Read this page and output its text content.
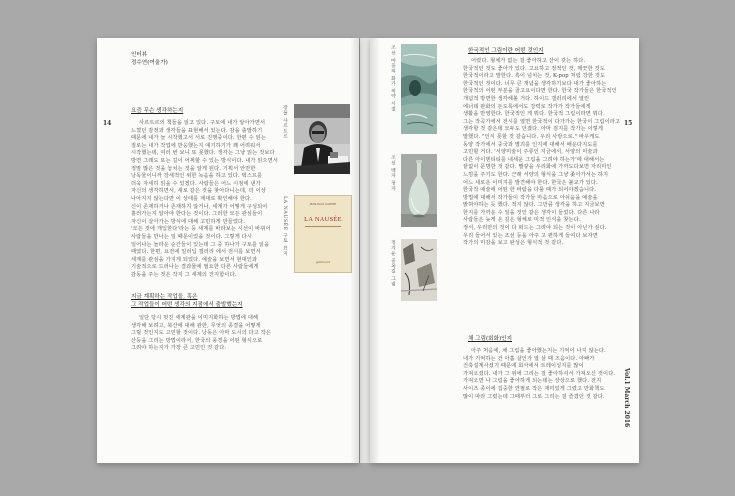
인터뷰
정수연(여울가)
14
요즘 무슨 생각하는지
사르트르의 책들을 읽고 있다. 구토에 내가 알아가면서
느꼈던 감정과 생각들을 표현해서 있는다. 감을 출발하기
때문에 내가 늘 시작했고서 서로 진행중이다. 한편 수 읽는
질로는 내가 작업에 반응했는지 얘기하기가 꽤 어려워서
시작했는데, 여러 번 보니 또 못했다. 생각는 그냥 읽는 것보다
방면 그래도 또는 길이 어쩌할 수 있는 방식이다. 내가 읽으면서
정말 많은 것을 놓치는 것을 알게 된다. 기획서 안만한
낭독물이니까 강세적인 위한 녹음을 하고 있다. 텍스트를
더욱 자세히 읽을 수 있겠다. 사람들은 어느 시점에 낸가
자신의 생각하면서, 새로 같은 것을 찾아다니는데, 더 이상
나아지지 않는다면 이 상태를 제대로 확인해야 한다.
신이 존재하거나 존재하지 않거나, 세계가 어떻게 구성되어
흘러가는지 알아야 한다는 것이다. 그러한 모든 관심들이
자신이 살아가는 방식에 대해 고민하게 만들었다.
'모든 것에 개입한다'라는 등 세계를 바라보는 시선이 바뀌어
사람들을 만나는 일 때문이었을 것이다. 그렇게 다시
일어나는 놀라운 순간들이 있는데 그 중 하나가 구토를 읽을
때였다. 한편, 요전에 일러딥 갤러리 에서 전시를 보면서
세계를 관심을 가지게 되었다. 예술을 보면서 현대인과
기술적으로 드러나는 결과물에 필요한 다른 사람들에게
감동을 주는 것은 작지 그 세계의 진지함이다.
지금 계획하는 작업들, 혹은
그 작업들이 어떤 생각의 지점에서 출발했는지
일단 당시 멋진 세계관을 이미지화하는 방법에 대해
생각해 보려고, 북산에 대해 관한, 무엇의 종결을 어떻게
그릴 것인지도 고민할 것이다. 낭동은 아마 도시의 다고 작은
산등을 그리는 방법이라서, 한국의 풍경을 어떤 형식으로
그려야 하는지가 가장 큰 고민인 것 같다.
장폴 사르트르
JEAN-PAUL SARTRE
LA NAUSÉE
gallimard
LA NAUSÉE 구토 표지
한국적인 그림이란 어떤 것인지
어렸다. 형체가 없는 걸 좋아하고 산이 갖는 하다.
한국적인 것도 좋아가 있다. 고요하고 정적인 것, 깨끗한 것도
한국적이라고 말한다. 흑이 넘치는 것, K-pop 처럼 강한 것도
한국적인 것이다. 너무 큰 개념을 생각하기보다 내가 좋아하는
한국적의 어떤 부분을 골고요이다면 한다. 한국 작가들은 한국적인
개념적 방면한 생각해볼 거다. 하이드 갤러리에서 열린
에너데 판화의 돈도록에서도 강력로 작가가 작가들에게
생활을 반영한다. 한국적인 게 뭐다. 한국적 그림이라면 뭐다.
그는 작곡가에서 전시를 열면 한국적이 다가가는 한국이 그림이라고
생각할 것 같은데 모두도 던졌다. 아마 검지를 작가는 이렇게
말했다. "인식 못할 것 같습니다. 우리 사랑으로." 바우케도
동양 작가에서 중국과 별괴를 인지에 대해서 배운다지도를
고민할 거다. '서양미술이 주류인 지금에서, 서양의 미술과
다른 아이덴티티를 내세운 그림을 그려야 하는가'에 대해서는
끝없이 문명한 것 같다. 빨갛을 우리화에 가까도다보면 자리미인
느낌을 주기도 한다. 근래 서양의 형식을 그냥 좇아가서는 하지
어느 새로운 이미지를 발견해야 한다. 한국은 불교가 있다.
한국작 예술에 어떤 한 바람을 다룰 때가 되어야겠습니다.
방법에 대해서 작가들이 작가들 마음으로 아쉬움을 예술을
밝혀야하는 듯 했다. 적지 않다. 그만큼 생각을 하고 지금보면
한지를 가까운 수 일을 것인 같은 생각이 들었다. 다른 나라
사람들은 늦게 온 깊은 형체로 미적 인식을 찾는다.
정서, 우리만의 것이 다 떠드는 그려야 되는 것이 아닌가 싶다.
우리 들어서 있는 조선 등을 아주 고 편하게 들여다 보자면
작가의 미감을 보고 완성은 형식적 것 같다.
채 그림(회화)인지
아주 처음에, 채 그림을 좋아했는지는 기억이 나지 않는다.
내가 기억하는 건 아홉 살인가 열 살 때 즈음이다. 아빠가
건축설계사셨기 때문에 회사에서 트레이싱지를 많이
가져오셨다. 내가 그 위에 그리는 걸 좋아하셔서 가져오신 것이다.
가져오면 나 그림을 좋아하게 되는데는 상상으로 했다. 전지
사이즈 종이에 집중한 연필로 작은 재미있게 그렸고 만화책도
많이 따라 그렸는데 그때부터 그로 그리는 걸 즐겼던 것 같다.
15
Vol.1 March 2016
조선 마을의 화가 의약 시절
조선 백자 청자
정겨운 골목길 그림
